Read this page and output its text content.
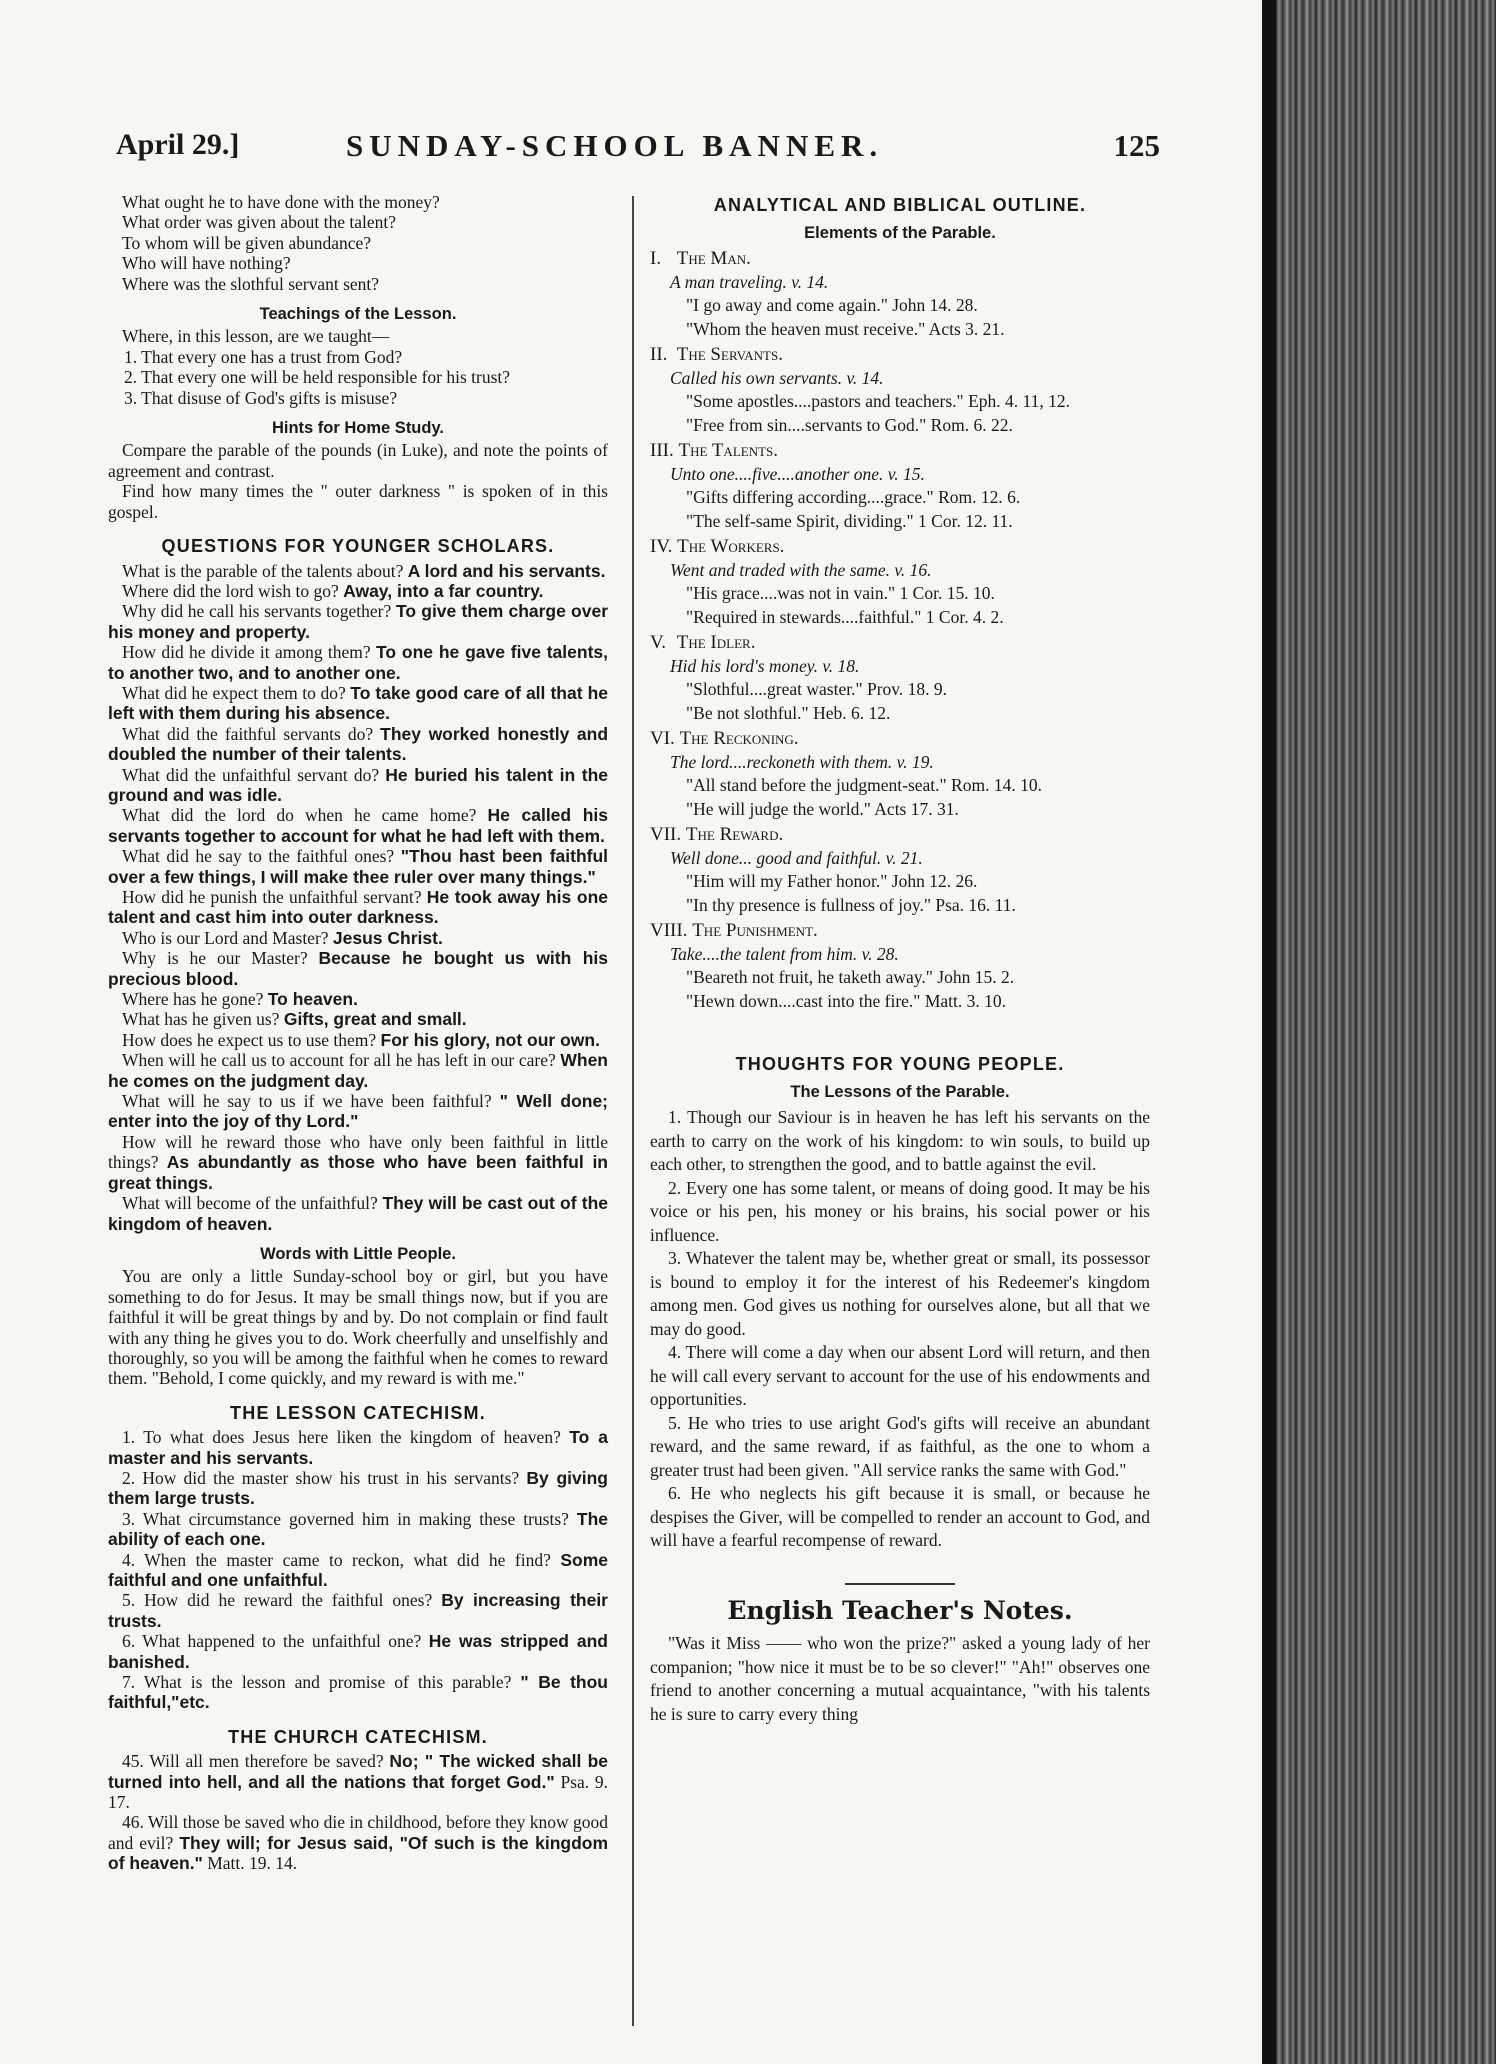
April 29.]	SUNDAY-SCHOOL BANNER.	125
What ought he to have done with the money?
What order was given about the talent?
To whom will be given abundance?
Who will have nothing?
Where was the slothful servant sent?
Teachings of the Lesson.
Where, in this lesson, are we taught—
1. That every one has a trust from God?
2. That every one will be held responsible for his trust?
3. That disuse of God's gifts is misuse?
Hints for Home Study.
Compare the parable of the pounds (in Luke), and note the points of agreement and contrast.
Find how many times the " outer darkness " is spoken of in this gospel.
QUESTIONS FOR YOUNGER SCHOLARS.
What is the parable of the talents about? A lord and his servants.
Where did the lord wish to go? Away, into a far country.
Why did he call his servants together? To give them charge over his money and property.
How did he divide it among them? To one he gave five talents, to another two, and to another one.
What did he expect them to do? To take good care of all that he left with them during his absence.
What did the faithful servants do? They worked honestly and doubled the number of their talents.
What did the unfaithful servant do? He buried his talent in the ground and was idle.
What did the lord do when he came home? He called his servants together to account for what he had left with them.
What did he say to the faithful ones? "Thou hast been faithful over a few things, I will make thee ruler over many things."
How did he punish the unfaithful servant? He took away his one talent and cast him into outer darkness.
Who is our Lord and Master? Jesus Christ.
Why is he our Master? Because he bought us with his precious blood.
Where has he gone? To heaven.
What has he given us? Gifts, great and small.
How does he expect us to use them? For his glory, not our own.
When will he call us to account for all he has left in our care? When he comes on the judgment day.
What will he say to us if we have been faithful? " Well done; enter into the joy of thy Lord."
How will he reward those who have only been faithful in little things? As abundantly as those who have been faithful in great things.
What will become of the unfaithful? They will be cast out of the kingdom of heaven.
Words with Little People.
You are only a little Sunday-school boy or girl, but you have something to do for Jesus. It may be small things now, but if you are faithful it will be great things by and by. Do not complain or find fault with any thing he gives you to do. Work cheerfully and unselfishly and thoroughly, so you will be among the faithful when he comes to reward them. "Behold, I come quickly, and my reward is with me."
THE LESSON CATECHISM.
1. To what does Jesus here liken the kingdom of heaven? To a master and his servants.
2. How did the master show his trust in his servants? By giving them large trusts.
3. What circumstance governed him in making these trusts? The ability of each one.
4. When the master came to reckon, what did he find? Some faithful and one unfaithful.
5. How did he reward the faithful ones? By increasing their trusts.
6. What happened to the unfaithful one? He was stripped and banished.
7. What is the lesson and promise of this parable? " Be thou faithful,"etc.
THE CHURCH CATECHISM.
45. Will all men therefore be saved? No; " The wicked shall be turned into hell, and all the nations that forget God." Psa. 9. 17.
46. Will those be saved who die in childhood, before they know good and evil? They will; for Jesus said, "Of such is the kingdom of heaven." Matt. 19. 14.
ANALYTICAL AND BIBLICAL OUTLINE.
Elements of the Parable.
I. The Man.
A man traveling. v. 14.
"I go away and come again." John 14. 28.
"Whom the heaven must receive." Acts 3. 21.
II. The Servants.
Called his own servants. v. 14.
"Some apostles....pastors and teachers." Eph. 4. 11, 12.
"Free from sin....servants to God." Rom. 6. 22.
III. The Talents.
Unto one....five....another one. v. 15.
"Gifts differing according....grace." Rom. 12. 6.
"The self-same Spirit, dividing." 1 Cor. 12. 11.
IV. The Workers.
Went and traded with the same. v. 16.
"His grace....was not in vain." 1 Cor. 15. 10.
"Required in stewards....faithful." 1 Cor. 4. 2.
V. The Idler.
Hid his lord's money. v. 18.
"Slothful....great waster." Prov. 18. 9.
"Be not slothful." Heb. 6. 12.
VI. The Reckoning.
The lord....reckoneth with them. v. 19.
"All stand before the judgment-seat." Rom. 14. 10.
"He will judge the world." Acts 17. 31.
VII. The Reward.
Well done... good and faithful. v. 21.
"Him will my Father honor." John 12. 26.
"In thy presence is fullness of joy." Psa. 16. 11.
VIII. The Punishment.
Take....the talent from him. v. 28.
"Beareth not fruit, he taketh away." John 15. 2.
"Hewn down....cast into the fire." Matt. 3. 10.
THOUGHTS FOR YOUNG PEOPLE.
The Lessons of the Parable.
1. Though our Saviour is in heaven he has left his servants on the earth to carry on the work of his kingdom: to win souls, to build up each other, to strengthen the good, and to battle against the evil.
2. Every one has some talent, or means of doing good. It may be his voice or his pen, his money or his brains, his social power or his influence.
3. Whatever the talent may be, whether great or small, its possessor is bound to employ it for the interest of his Redeemer's kingdom among men. God gives us nothing for ourselves alone, but all that we may do good.
4. There will come a day when our absent Lord will return, and then he will call every servant to account for the use of his endowments and opportunities.
5. He who tries to use aright God's gifts will receive an abundant reward, and the same reward, if as faithful, as the one to whom a greater trust had been given. "All service ranks the same with God."
6. He who neglects his gift because it is small, or because he despises the Giver, will be compelled to render an account to God, and will have a fearful recompense of reward.
English Teacher's Notes.
"Was it Miss —— who won the prize?" asked a young lady of her companion; "how nice it must be to be so clever!" "Ah!" observes one friend to another concerning a mutual acquaintance, "with his talents he is sure to carry every thing
